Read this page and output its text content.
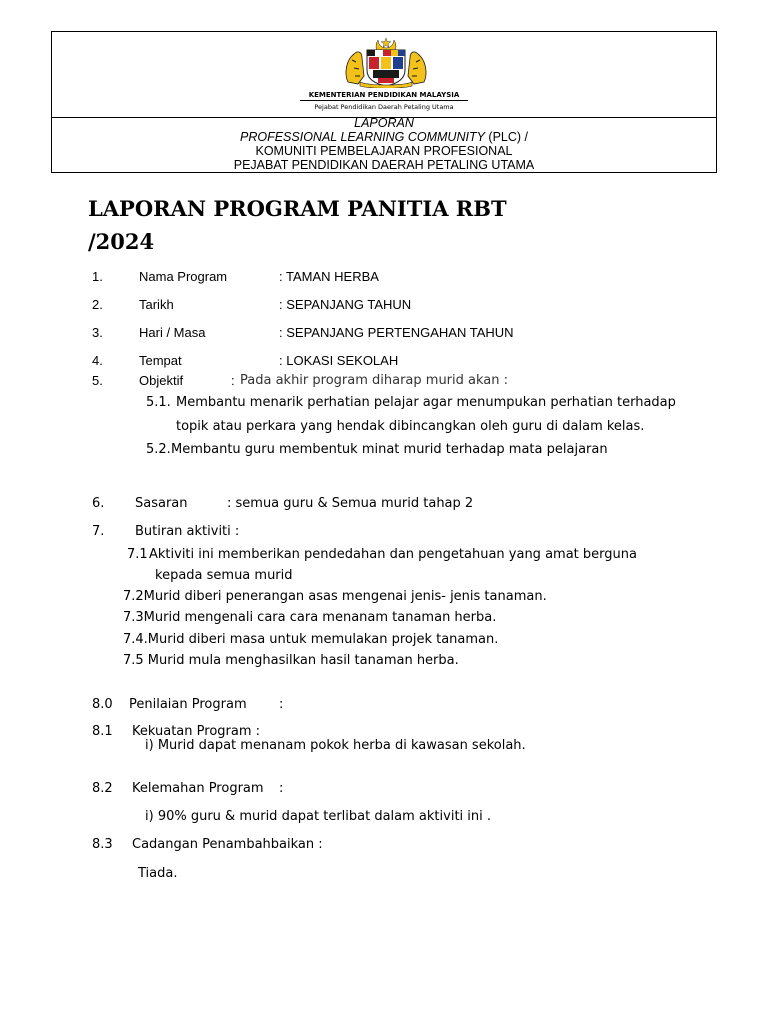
KEMENTERIAN PENDIDIKAN MALAYSIA
Pejabat Pendidikan Daerah Petaling Utama
LAPORAN
PROFESSIONAL LEARNING COMMUNITY (PLC) /
KOMUNITI PEMBELAJARAN PROFESIONAL
PEJABAT PENDIDIKAN DAERAH PETALING UTAMA
LAPORAN PROGRAM PANITIA RBT
/2024
1.	Nama Program	: TAMAN HERBA
2.	Tarikh	: SEPANJANG TAHUN
3.	Hari / Masa	: SEPANJANG PERTENGAHAN TAHUN
4.	Tempat	: LOKASI SEKOLAH
5.	Objektif	: Pada akhir program diharap murid akan :
5.1. Membantu menarik perhatian pelajar agar menumpukan perhatian terhadap
topik atau perkara yang hendak dibincangkan oleh guru di dalam kelas.
5.2. Membantu guru membentuk minat murid terhadap mata pelajaran
6. Sasaran	: semua guru & Semua murid tahap 2
7. Butiran aktiviti :
7.1 Aktiviti ini memberikan pendedahan dan pengetahuan yang amat berguna
kepada semua murid
7.2Murid diberi penerangan asas mengenai jenis- jenis tanaman.
7.3Murid mengenali cara cara menanam tanaman herba.
7.4.Murid diberi masa untuk memulakan projek tanaman.
7.5 Murid mula menghasilkan hasil tanaman herba.
8.0 Penilaian Program :
8.1 Kekuatan Program :
i) Murid dapat menanam pokok herba di kawasan sekolah.
8.2 Kelemahan Program :
i) 90% guru & murid dapat terlibat dalam aktiviti ini .
8.3 Cadangan Penambahbaikan :
Tiada.
